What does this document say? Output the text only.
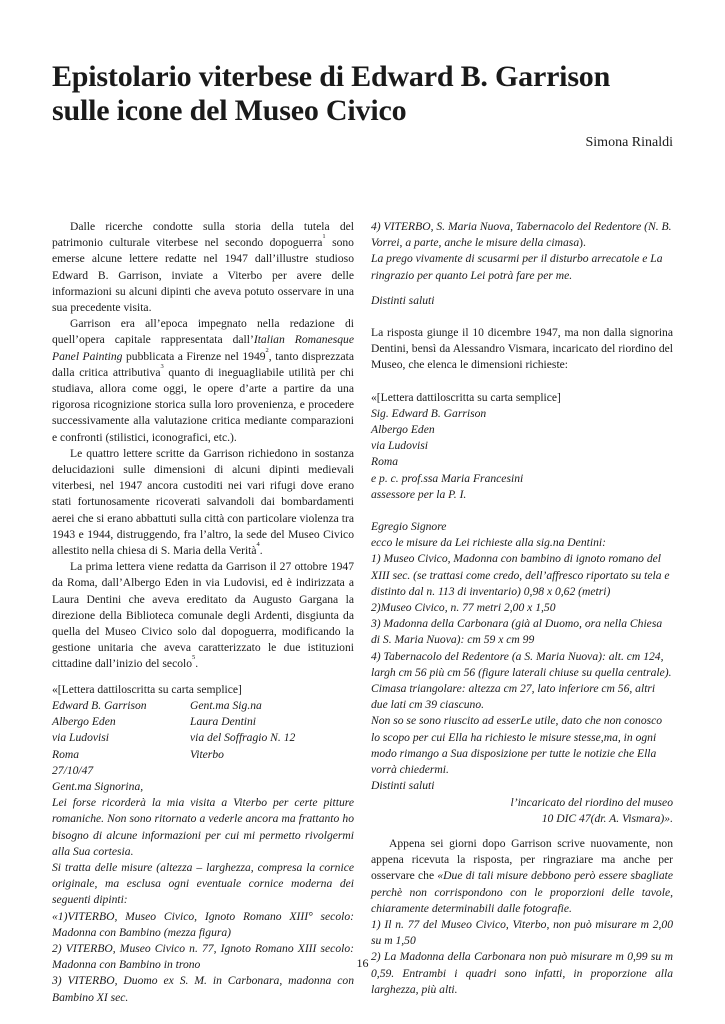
Epistolario viterbese di Edward B. Garrison
sulle icone del Museo Civico
Simona Rinaldi

Dalle ricerche condotte sulla storia della tutela del patrimonio culturale viterbese nel secondo dopoguerra$^1$ sono emerse alcune lettere redatte nel 1947 dall’illustre studioso Edward B. Garrison, inviate a Viterbo per avere delle informazioni su alcuni dipinti che aveva potuto osservare in una sua precedente visita.

Garrison era all’epoca impegnato nella redazione di quell’opera capitale rappresentata dall’Italian Romanesque Panel Painting pubblicata a Firenze nel 1949$^2$, tanto disprezzata dalla critica attributiva$^3$ quanto di ineguagliabile utilità per chi studiava, allora come oggi, le opere d’arte a partire da una rigorosa ricognizione storica sulla loro provenienza, e procedere successivamente alla valutazione critica mediante comparazioni e confronti (stilistici, iconografici, etc.).

Le quattro lettere scritte da Garrison richiedono in sostanza delucidazioni sulle dimensioni di alcuni dipinti medievali viterbesi, nel 1947 ancora custoditi nei vari rifugi dove erano stati fortunosamente ricoverati salvandoli dai bombardamenti aerei che si erano abbattuti sulla città con particolare violenza tra 1943 e 1944, distruggendo, fra l’altro, la sede del Museo Civico allestito nella chiesa di S. Maria della Verità$^4$.

La prima lettera viene redatta da Garrison il 27 ottobre 1947 da Roma, dall’Albergo Eden in via Ludovisi, ed è indirizzata a Laura Dentini che aveva ereditato da Augusto Gargana la direzione della Biblioteca comunale degli Ardenti, disgiunta da quella del Museo Civico solo dal dopoguerra, modificando la gestione unitaria che aveva caratterizzato le due istituzioni cittadine dall’inizio del secolo$^5$.

«[Lettera dattiloscritta su carta semplice]

Edward B. Garrison	Gent.ma Sig.na
Albergo Eden	Laura Dentini
via Ludovisi	via del Soffragio N. 12
Roma	Viterbo

27/10/47

Gent.ma Signorina,

Lei forse ricorderà la mia visita a Viterbo per certe pitture romaniche. Non sono ritornato a vederle ancora ma frattanto ho bisogno di alcune informazioni per cui mi permetto rivolgermi alla Sua cortesia.

Si tratta delle misure (altezza – larghezza, compresa la cornice originale, ma esclusa ogni eventuale cornice moderna dei seguenti dipinti:

«1)VITERBO, Museo Civico, Ignoto Romano XIII° secolo: Madonna con Bambino (mezza figura)

2) VITERBO, Museo Civico n. 77, Ignoto Romano XIII secolo: Madonna con Bambino in trono

3) VITERBO, Duomo ex S. M. in Carbonara, madonna con Bambino XI sec.

4) VITERBO, S. Maria Nuova, Tabernacolo del Redentore (N. B. Vorrei, a parte, anche le misure della cimasa).

La prego vivamente di scusarmi per il disturbo arrecatole e La ringrazio per quanto Lei potrà fare per me.

Distinti saluti

La risposta giunge il 10 dicembre 1947, ma non dalla signorina Dentini, bensì da Alessandro Vismara, incaricato del riordino del Museo, che elenca le dimensioni richieste:

«[Lettera dattiloscritta su carta semplice]

Sig. Edward B. Garrison

Albergo Eden

via Ludovisi

Roma

e p. c. prof.ssa Maria Francesini

assessore per la P. I.

Egregio Signore

ecco le misure da Lei richieste alla sig.na Dentini:

1) Museo Civico, Madonna con bambino di ignoto romano del XIII sec. (se trattasi come credo, dell’affresco riportato su tela e distinto dal n. 113 di inventario) 0,98 x 0,62 (metri)

2)Museo Civico, n. 77 metri 2,00 x 1,50

3) Madonna della Carbonara (già al Duomo, ora nella Chiesa di S. Maria Nuova): cm 59 x cm 99

4) Tabernacolo del Redentore (a S. Maria Nuova): alt. cm 124, largh cm 56 più cm 56 (figure laterali chiuse su quella centrale). Cimasa triangolare: altezza cm 27, lato inferiore cm 56, altri due lati cm 39 ciascuno.

Non so se sono riuscito ad esserLe utile, dato che non conosco lo scopo per cui Ella ha richiesto le misure stesse,ma, in ogni modo rimango a Sua disposizione per tutte le notizie che Ella vorrà chiedermi.

Distinti saluti

l’incaricato del riordino del museo

10 DIC 47(dr. A. Vismara)».

Appena sei giorni dopo Garrison scrive nuovamente, non appena ricevuta la risposta, per ringraziare ma anche per osservare che «Due di tali misure debbono però essere sbagliate perchè non corrispondono con le proporzioni delle tavole, chiaramente determinabili dalle fotografie.

1) Il n. 77 del Museo Civico, Viterbo, non può misurare m 2,00 su m 1,50

2) La Madonna della Carbonara non può misurare m 0,99 su m 0,59. Entrambi i quadri sono infatti, in proporzione alla larghezza, più alti.

16
